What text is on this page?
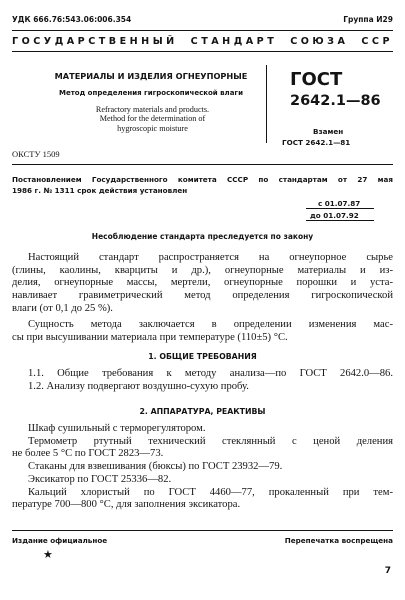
УДК 666.76:543.06:006.354	Группа И29
ГОСУДАРСТВЕННЫЙ СТАНДАРТ СОЮЗА ССР
МАТЕРИАЛЫ И ИЗДЕЛИЯ ОГНЕУПОРНЫЕ
Метод определения гигроскопической влаги
Refractory materials and products.
Method for the determination of
hygroscopic moisture
ГОСТ
2642.1—86
Взамен
ГОСТ 2642.1—81
ОКСТУ 1509
Постановлением Государственного комитета СССР по стандартам от 27 мая
1986 г. № 1311 срок действия установлен
с 01.07.87
до 01.07.92
Несоблюдение стандарта преследуется по закону
Настоящий стандарт распространяется на огнеупорное сырье
(глины, каолины, кварциты и др.), огнеупорные материалы и из-
делия, огнеупорные массы, мертели, огнеупорные порошки и уста-
навливает гравиметрический метод определения гигроскопической
влаги (от 0,1 до 25 %).
Сущность метода заключается в определении изменения мас-
сы при высушивании материала при температуре (110±5) °С.
1. ОБЩИЕ ТРЕБОВАНИЯ
1.1. Общие требования к методу анализа—по ГОСТ 2642.0—86.
1.2. Анализу подвергают воздушно-сухую пробу.
2. АППАРАТУРА, РЕАКТИВЫ
Шкаф сушильный с терморегулятором.
Термометр ртутный технический стеклянный с ценой деления
не более 5 °С по ГОСТ 2823—73.
Стаканы для взвешивания (бюксы) по ГОСТ 23932—79.
Эксикатор по ГОСТ 25336—82.
Кальций хлористый по ГОСТ 4460—77, прокаленный при тем-
пературе 700—800 °С, для заполнения эксикатора.
Издание официальное	Перепечатка воспрещена
★
7
